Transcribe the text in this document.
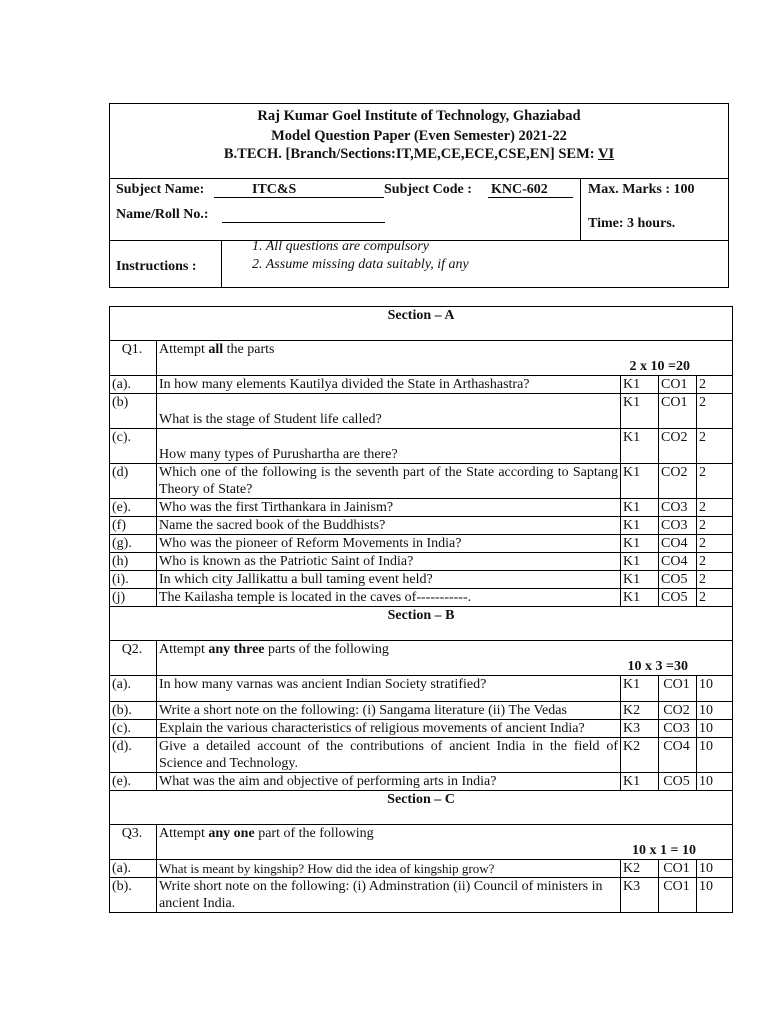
Raj Kumar Goel Institute of Technology, Ghaziabad
Model Question Paper (Even Semester) 2021-22
B.TECH. [Branch/Sections:IT,ME,CE,ECE,CSE,EN] SEM: VI
Subject Name:	ITC&S	Subject Code : KNC-602	Max. Marks : 100
Name/Roll No.:
Time: 3 hours.
Instructions :
1. All questions are compulsory
2. Assume missing data suitably, if any
Section – A				
Q1.	Attempt all the parts
2 x 10 =20			

(a).	In how many elements Kautilya divided the State in Arthashastra?	K1	CO1	2
(b)	What is the stage of Student life called?	K1	CO1	2
(c).	How many types of Purushartha are there?	K1	CO2	2
(d)	Which one of the following is the seventh part of the State according to Saptang Theory of State?	K1	CO2	2
(e).	Who was the first Tirthankara in Jainism?	K1	CO3	2
(f)	Name the sacred book of the Buddhists?	K1	CO3	2
(g).	Who was the pioneer of Reform Movements in India?	K1	CO4	2
(h)	Who is known as the Patriotic Saint of India?	K1	CO4	2
(i).	In which city Jallikattu a bull taming event held?	K1	CO5	2
(j)	The Kailasha temple is located in the caves of-----------.	K1	CO5	2
Section – B				
Q2.	Attempt any three parts of the following
10 x 3 =30			

(a).	In how many varnas was ancient Indian Society stratified?	K1	CO1	10
(b).	Write a short note on the following: (i) Sangama literature (ii) The Vedas	K2	CO2	10
(c).	Explain the various characteristics of religious movements of ancient India?	K3	CO3	10
(d).	Give a detailed account of the contributions of ancient India in the field of Science and Technology.	K2	CO4	10
(e).	What was the aim and objective of performing arts in India?	K1	CO5	10
Section – C				
Q3.	Attempt any one part of the following
10 x 1 = 10			

(a).	What is meant by kingship? How did the idea of kingship grow?	K2	CO1	10
(b).	Write short note on the following: (i) Adminstration (ii) Council of ministers in ancient India.	K3	CO1	10
